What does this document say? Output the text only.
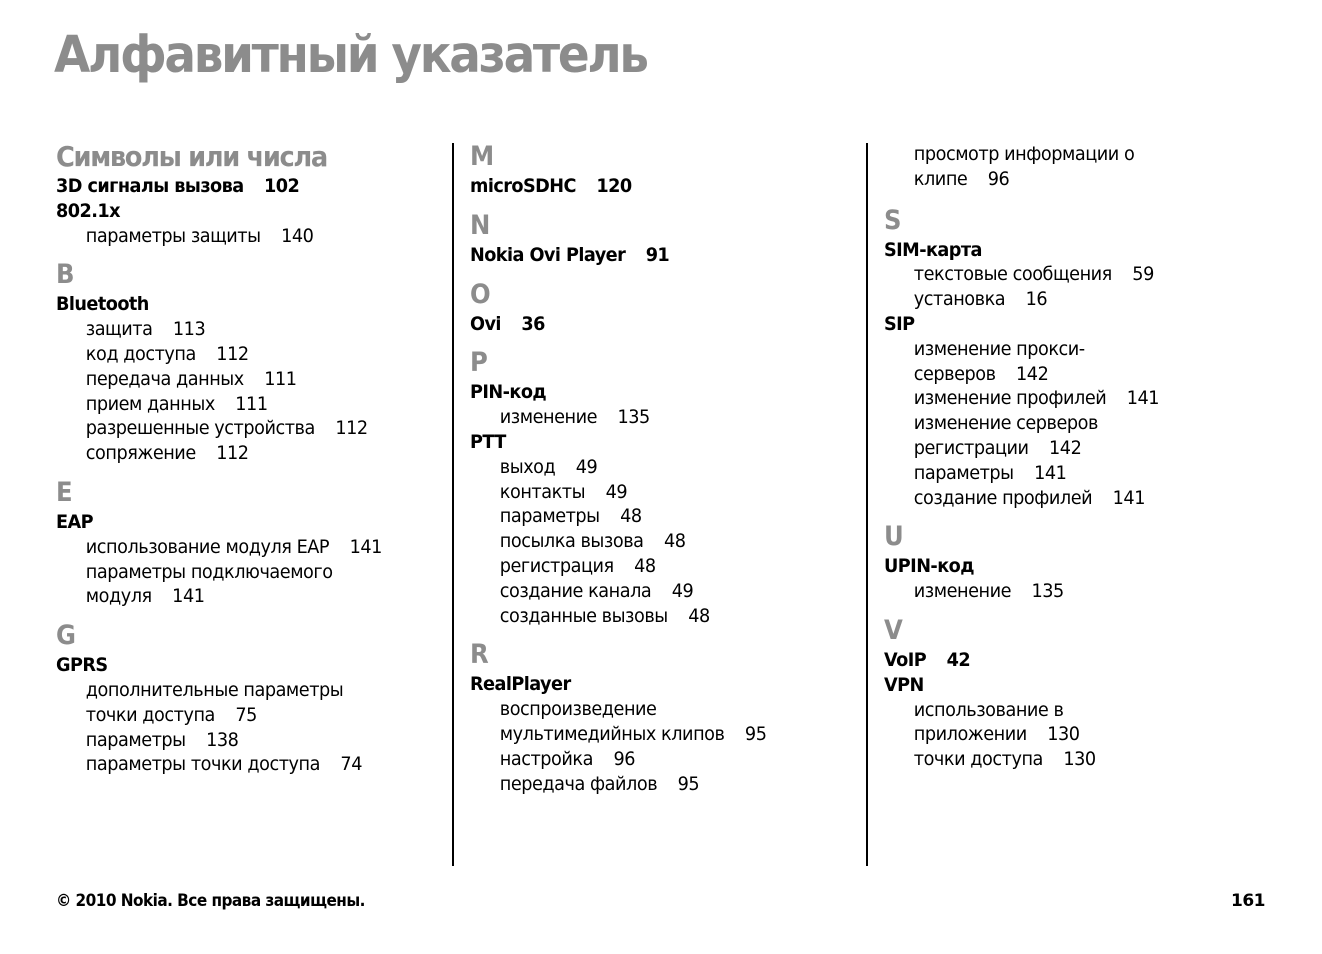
Алфавитный указатель
Символы или числа
3D сигналы вызова 102
802.1x
параметры защиты 140
B
Bluetooth
защита 113
код доступа 112
передача данных 111
прием данных 111
разрешенные устройства 112
сопряжение 112
E
EAP
использование модуля EAP 141
параметры подключаемого
модуля 141
G
GPRS
дополнительные параметры
точки доступа 75
параметры 138
параметры точки доступа 74
M
microSDHC 120
N
Nokia Ovi Player 91
O
Ovi 36
P
PIN-код
изменение 135
PTT
выход 49
контакты 49
параметры 48
посылка вызова 48
регистрация 48
создание канала 49
созданные вызовы 48
R
RealPlayer
воспроизведение
мультимедийных клипов 95
настройка 96
передача файлов 95
просмотр информации о
клипе 96
S
SIM-карта
текстовые сообщения 59
установка 16
SIP
изменение прокси-
серверов 142
изменение профилей 141
изменение серверов
регистрации 142
параметры 141
создание профилей 141
U
UPIN-код
изменение 135
V
VoIP 42
VPN
использование в
приложении 130
точки доступа 130
© 2010 Nokia. Все права защищены.	161
